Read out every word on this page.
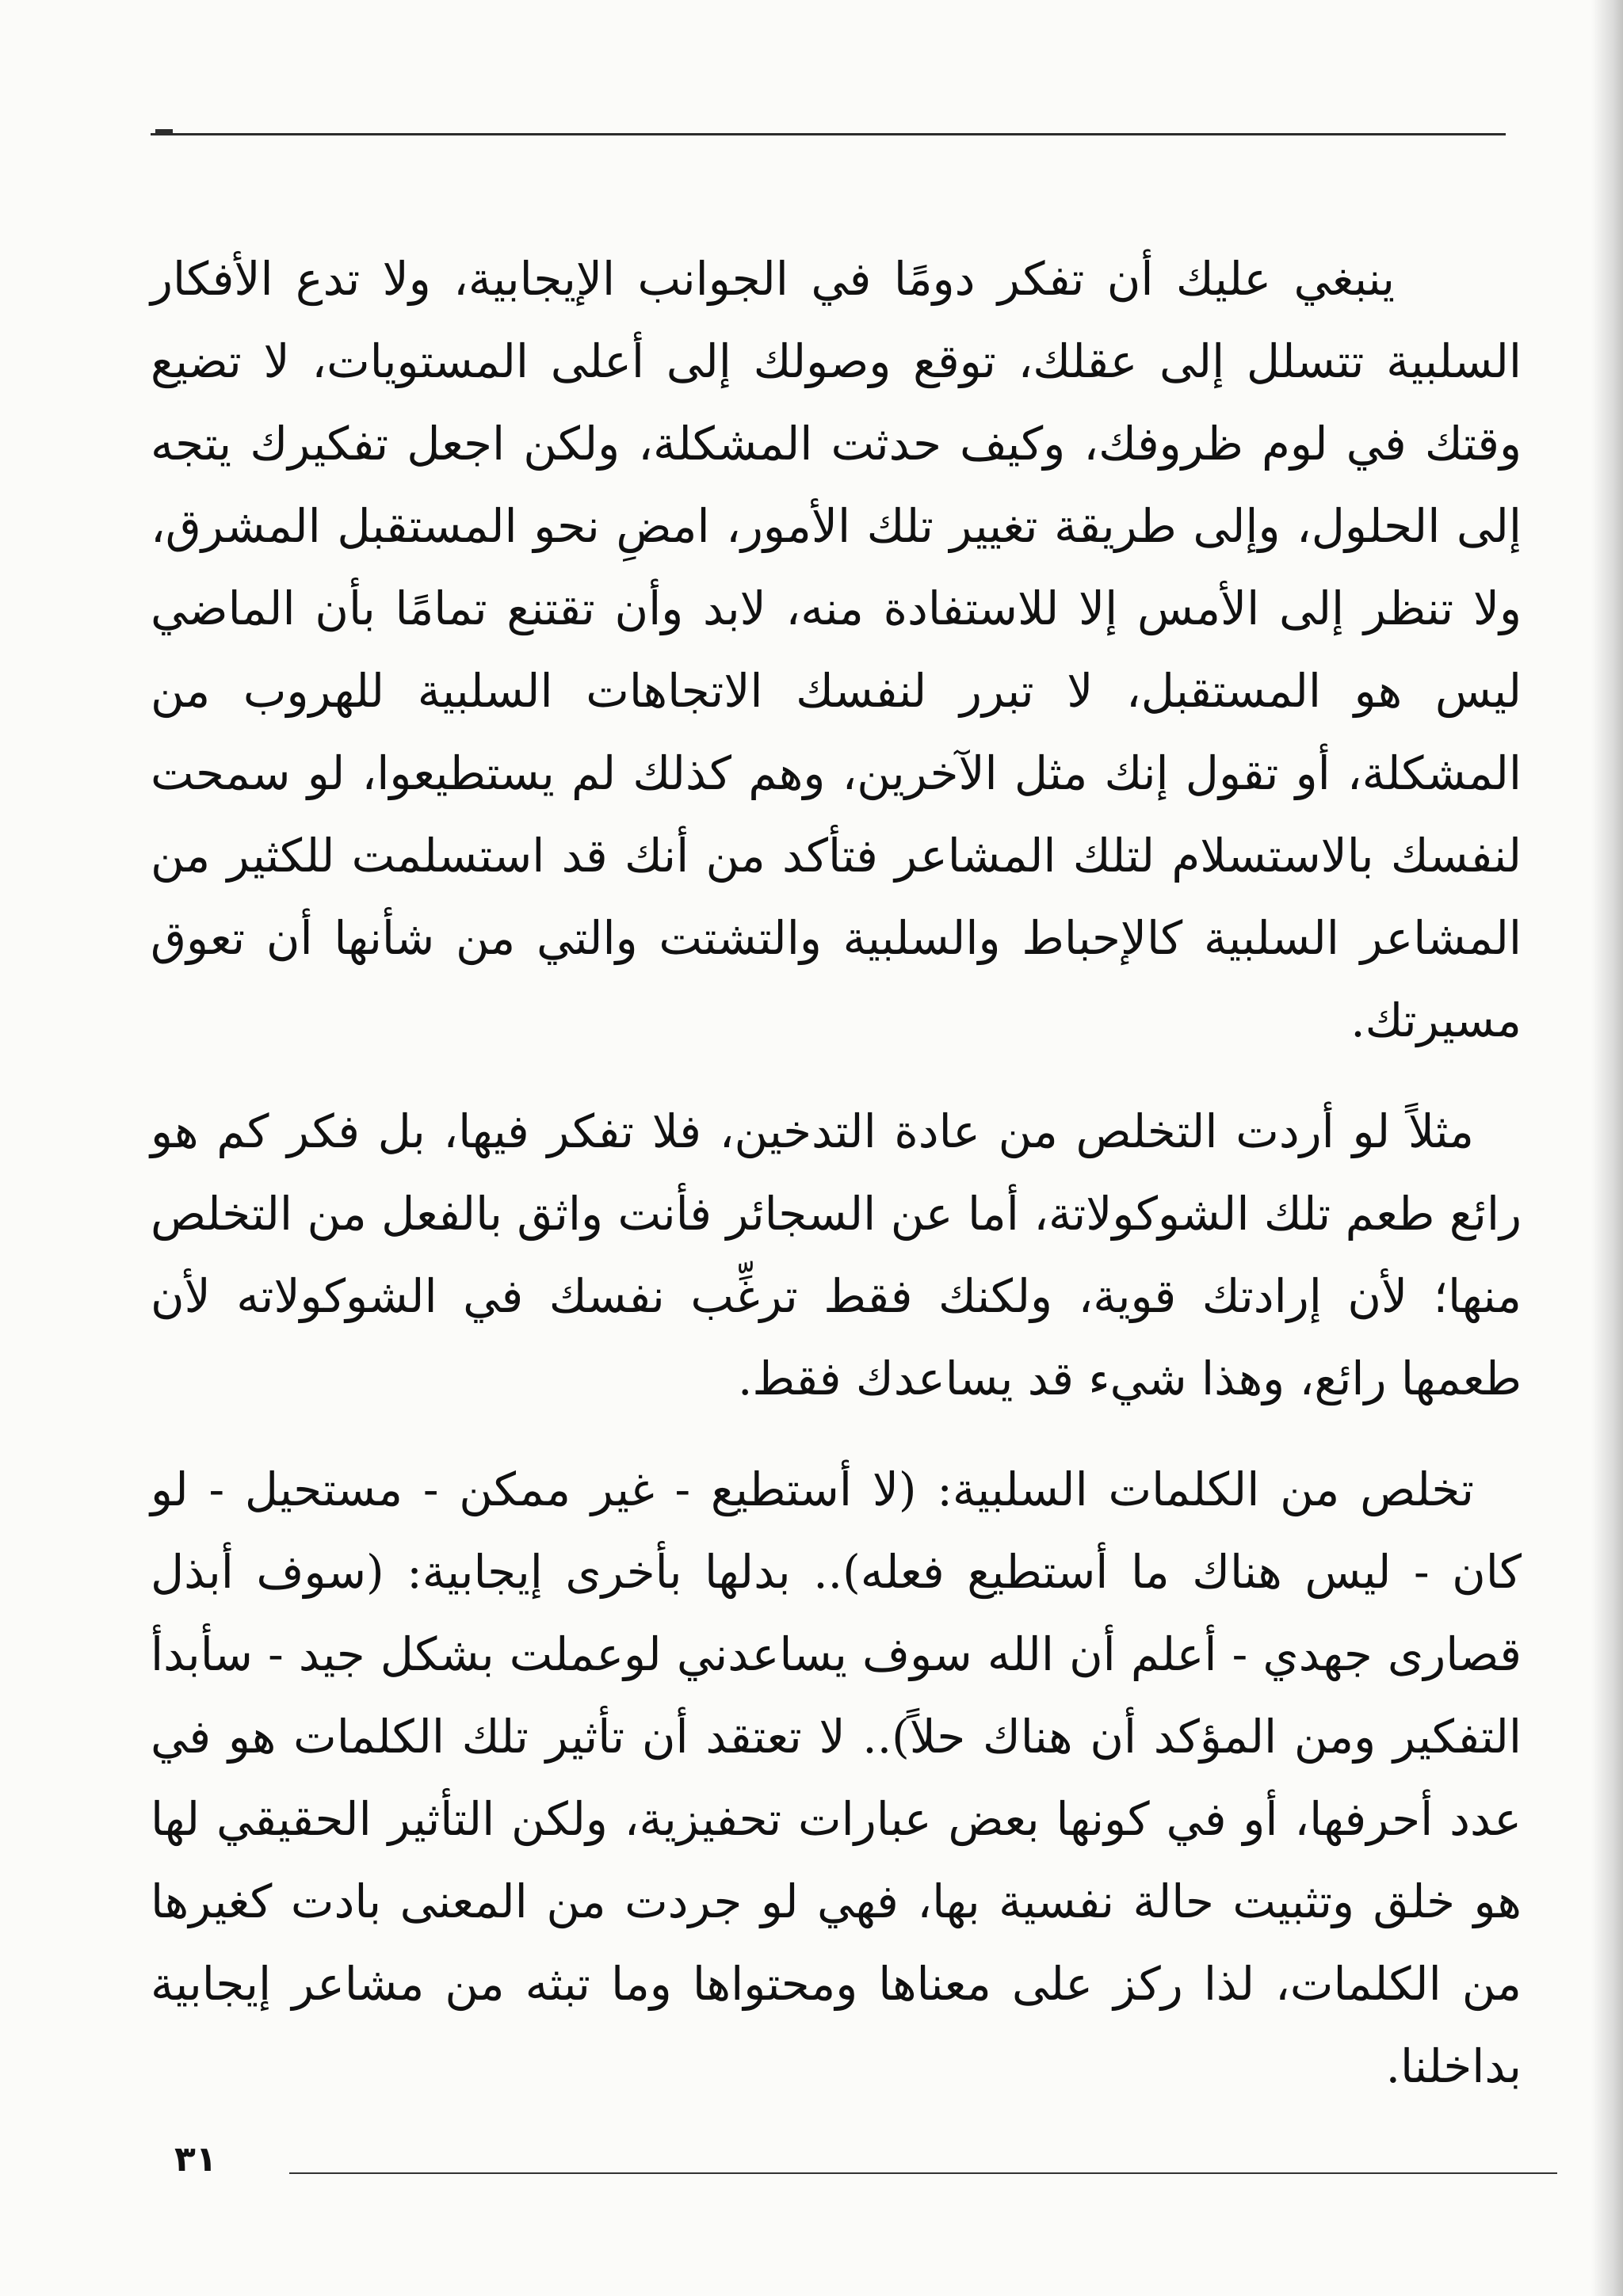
ينبغي عليك أن تفكر دومًا في الجوانب الإيجابية، ولا تدع الأفكار السلبية تتسلل إلى عقلك، توقع وصولك إلى أعلى المستويات، لا تضيع وقتك في لوم ظروفك، وكيف حدثت المشكلة، ولكن اجعل تفكيرك يتجه إلى الحلول، وإلى طريقة تغيير تلك الأمور، امضِ نحو المستقبل المشرق، ولا تنظر إلى الأمس إلا للاستفادة منه، لابد وأن تقتنع تمامًا بأن الماضي ليس هو المستقبل، لا تبرر لنفسك الاتجاهات السلبية للهروب من المشكلة، أو تقول إنك مثل الآخرين، وهم كذلك لم يستطيعوا، لو سمحت لنفسك بالاستسلام لتلك المشاعر فتأكد من أنك قد استسلمت للكثير من المشاعر السلبية كالإحباط والسلبية والتشتت والتي من شأنها أن تعوق مسيرتك.

مثلاً لو أردت التخلص من عادة التدخين، فلا تفكر فيها، بل فكر كم هو رائع طعم تلك الشوكولاتة، أما عن السجائر فأنت واثق بالفعل من التخلص منها؛ لأن إرادتك قوية، ولكنك فقط ترغِّب نفسك في الشوكولاته لأن طعمها رائع، وهذا شيء قد يساعدك فقط.

تخلص من الكلمات السلبية: (لا أستطيع - غير ممكن - مستحيل - لو كان - ليس هناك ما أستطيع فعله).. بدلها بأخرى إيجابية: (سوف أبذل قصارى جهدي - أعلم أن الله سوف يساعدني لوعملت بشكل جيد - سأبدأ التفكير ومن المؤكد أن هناك حلاً).. لا تعتقد أن تأثير تلك الكلمات هو في عدد أحرفها، أو في كونها بعض عبارات تحفيزية، ولكن التأثير الحقيقي لها هو خلق وتثبيت حالة نفسية بها، فهي لو جردت من المعنى بادت كغيرها من الكلمات، لذا ركز على معناها ومحتواها وما تبثه من مشاعر إيجابية بداخلنا.

٣١
